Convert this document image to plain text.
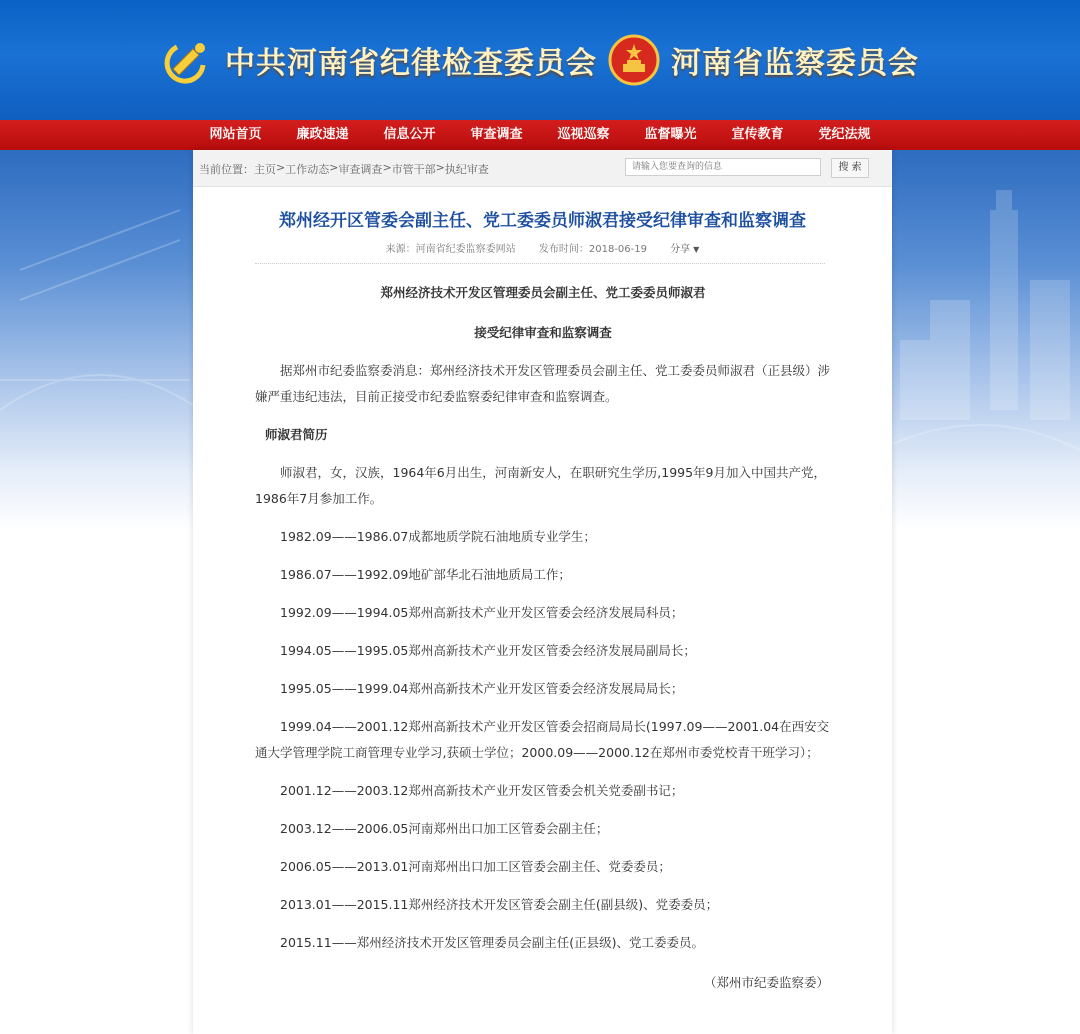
中共河南省纪律检查委员会 河南省监察委员会
网站首页	廉政速递	信息公开	审查调查	巡视巡察	监督曝光	宣传教育	党纪法规
当前位置： 主页 > 工作动态 > 审查调查 > 市管干部 > 执纪审查
请输入您要查询的信息	搜 索
郑州经开区管委会副主任、党工委委员师淑君接受纪律审查和监察调查
来源：河南省纪委监察委网站 发布时间：2018-06-19 分享 ▼

郑州经济技术开发区管理委员会副主任、党工委委员师淑君

接受纪律审查和监察调查

据郑州市纪委监察委消息：郑州经济技术开发区管理委员会副主任、党工委委员师淑君（正县级）涉嫌严重违纪违法，目前正接受市纪委监察委纪律审查和监察调查。

师淑君简历

师淑君，女，汉族，1964年6月出生，河南新安人，在职研究生学历,1995年9月加入中国共产党，1986年7月参加工作。

1982.09——1986.07成都地质学院石油地质专业学生；

1986.07——1992.09地矿部华北石油地质局工作；

1992.09——1994.05郑州高新技术产业开发区管委会经济发展局科员；

1994.05——1995.05郑州高新技术产业开发区管委会经济发展局副局长；

1995.05——1999.04郑州高新技术产业开发区管委会经济发展局局长；

1999.04——2001.12郑州高新技术产业开发区管委会招商局局长(1997.09——2001.04在西安交通大学管理学院工商管理专业学习,获硕士学位；2000.09——2000.12在郑州市委党校青干班学习）；

2001.12——2003.12郑州高新技术产业开发区管委会机关党委副书记；

2003.12——2006.05河南郑州出口加工区管委会副主任；

2006.05——2013.01河南郑州出口加工区管委会副主任、党委委员；

2013.01——2015.11郑州经济技术开发区管委会副主任(副县级)、党委委员；

2015.11——郑州经济技术开发区管理委员会副主任(正县级)、党工委委员。

（郑州市纪委监察委）
